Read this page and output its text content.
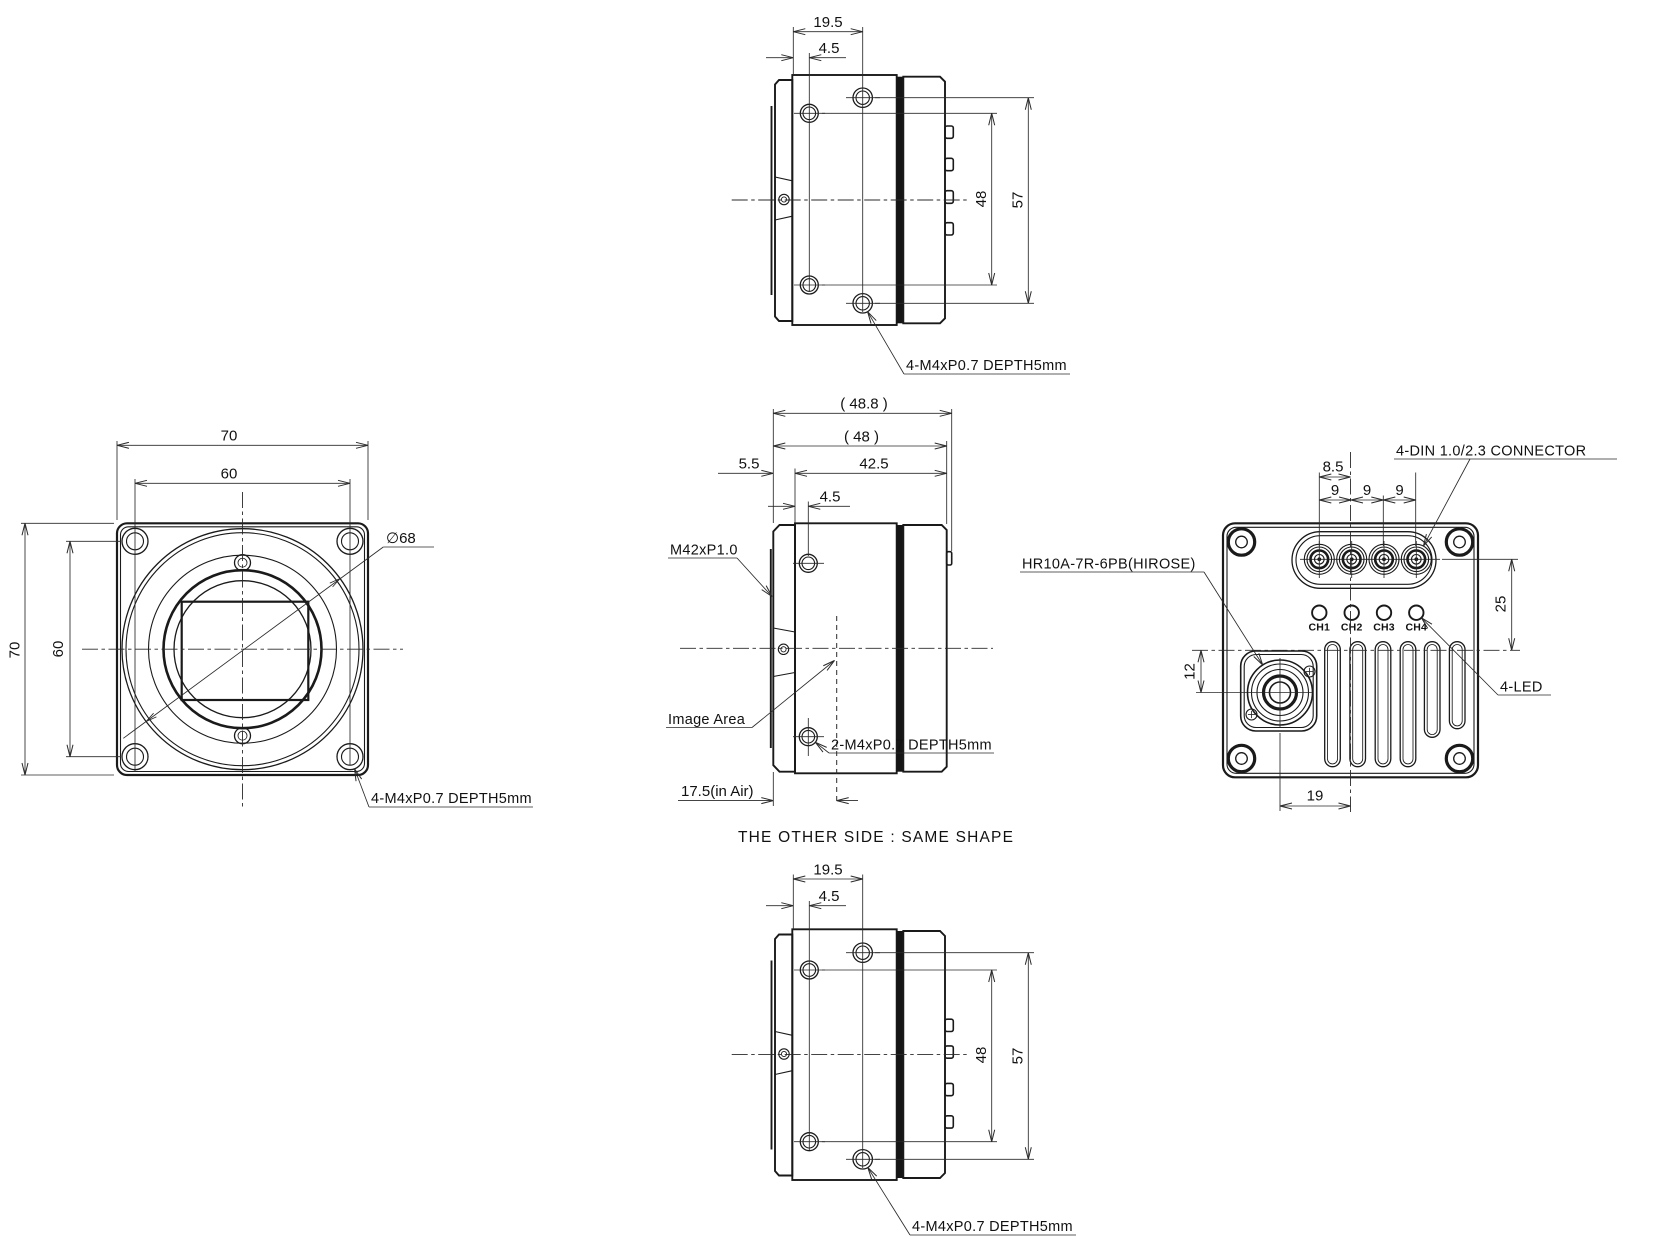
19.5
4.5
48 57
4-M4xP0.7 DEPTH5mm
70
60
70 60
∅68
4-M4xP0.7 DEPTH5mm
( 48.8 )
( 48 )
5.5	42.5
4.5
17.5(in Air)
M42xP1.0
Image Area
2-M4xP0.7 DEPTH5mm
THE OTHER SIDE : SAME SHAPE
CH1 CH2 CH3 CH4
8.5
9 9 9
25
12
19
4-DIN 1.0/2.3 CONNECTOR
HR10A-7R-6PB(HIROSE)
4-LED
19.5
4.5
48 57
4-M4xP0.7 DEPTH5mm
